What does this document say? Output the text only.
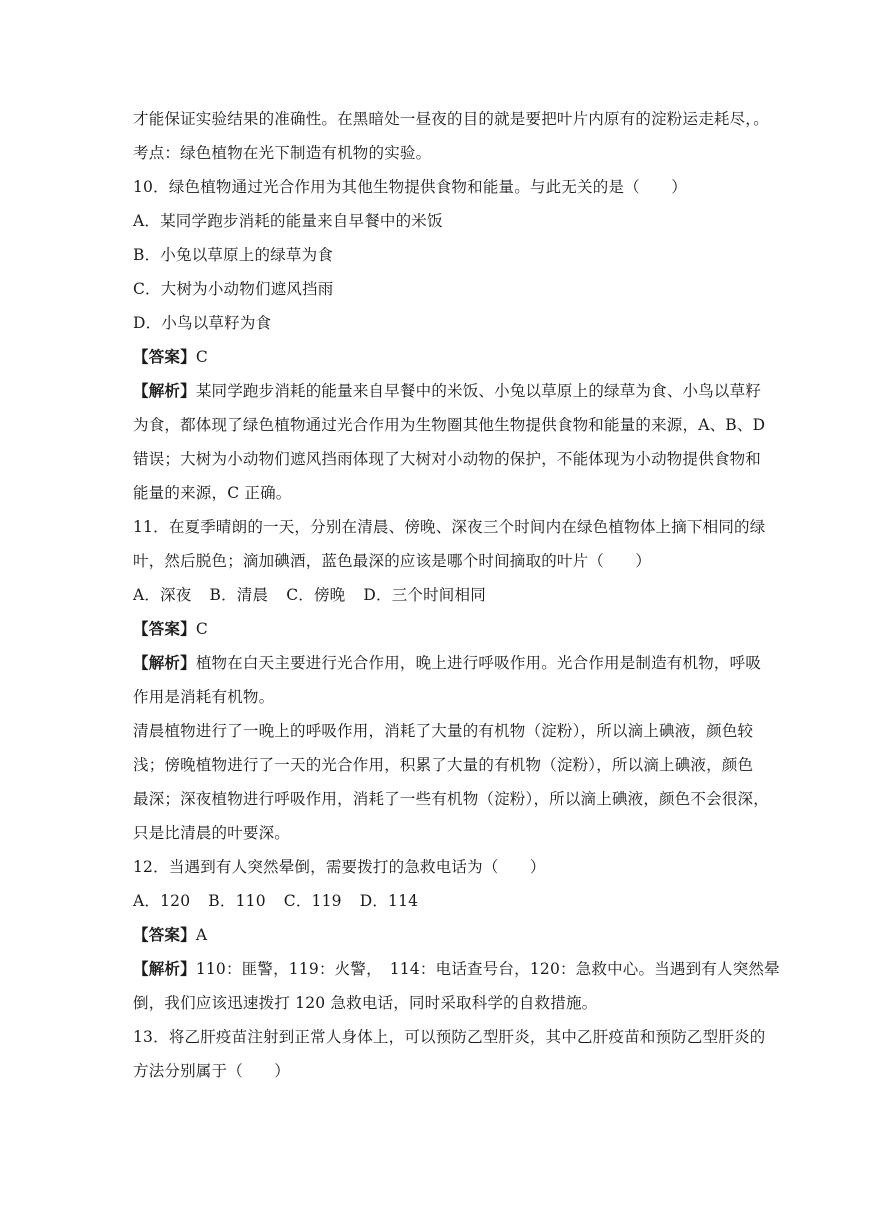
才能保证实验结果的准确性。在黑暗处一昼夜的目的就是要把叶片内原有的淀粉运走耗尽，。
考点：绿色植物在光下制造有机物的实验。
10．绿色植物通过光合作用为其他生物提供食物和能量。与此无关的是（　　）
A．某同学跑步消耗的能量来自早餐中的米饭
B．小兔以草原上的绿草为食
C．大树为小动物们遮风挡雨
D．小鸟以草籽为食
【答案】C
【解析】某同学跑步消耗的能量来自早餐中的米饭、小兔以草原上的绿草为食、小鸟以草籽
为食，都体现了绿色植物通过光合作用为生物圈其他生物提供食物和能量的来源，A、B、D
错误；大树为小动物们遮风挡雨体现了大树对小动物的保护，不能体现为小动物提供食物和
能量的来源，C 正确。
11．在夏季晴朗的一天，分别在清晨、傍晚、深夜三个时间内在绿色植物体上摘下相同的绿
叶，然后脱色；滴加碘酒，蓝色最深的应该是哪个时间摘取的叶片（　　）
A．深夜 B．清晨 C．傍晚 D．三个时间相同
【答案】C
【解析】植物在白天主要进行光合作用，晚上进行呼吸作用。光合作用是制造有机物，呼吸
作用是消耗有机物。
清晨植物进行了一晚上的呼吸作用，消耗了大量的有机物（淀粉），所以滴上碘液，颜色较
浅；傍晚植物进行了一天的光合作用，积累了大量的有机物（淀粉），所以滴上碘液，颜色
最深；深夜植物进行呼吸作用，消耗了一些有机物（淀粉），所以滴上碘液，颜色不会很深，
只是比清晨的叶要深。
12．当遇到有人突然晕倒，需要拨打的急救电话为（　　）
A．120 B．110 C．119 D．114
【答案】A
【解析】110：匪警，119：火警，　114：电话查号台，120：急救中心。当遇到有人突然晕
倒，我们应该迅速拨打 120 急救电话，同时采取科学的自救措施。
13．将乙肝疫苗注射到正常人身体上，可以预防乙型肝炎，其中乙肝疫苗和预防乙型肝炎的
方法分别属于（　　）
